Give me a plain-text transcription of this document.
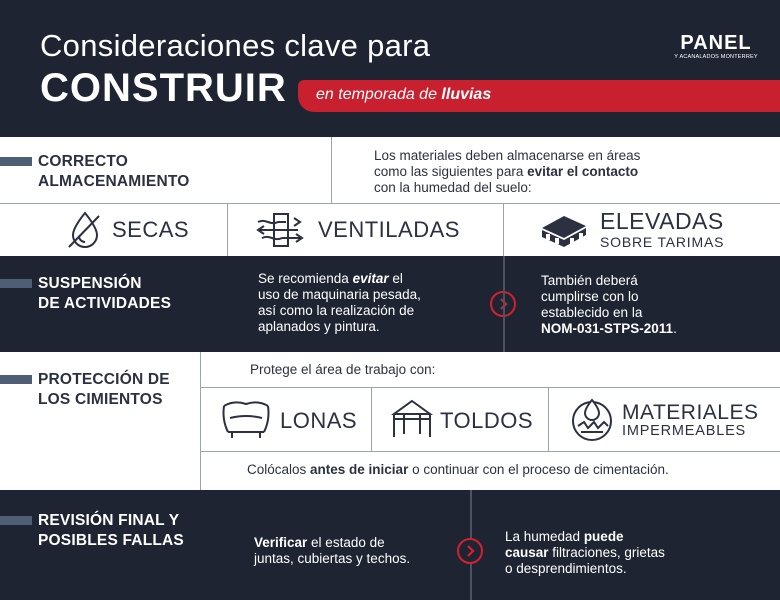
Consideraciones clave para
CONSTRUIR en temporada de lluvias
PANEL
Y ACANALADOS MONTERREY
CORRECTO
ALMACENAMIENTO
Los materiales deben almacenarse en áreas
como las siguientes para evitar el contacto
con la humedad del suelo:
SECAS	VENTILADAS	ELEVADAS
SOBRE TARIMAS
SUSPENSIÓN
DE ACTIVIDADES
Se recomienda evitar el
uso de maquinaria pesada,
así como la realización de
aplanados y pintura.
También deberá
cumplirse con lo
establecido en la
NOM-031-STPS-2011.
PROTECCIÓN DE
LOS CIMIENTOS
Protege el área de trabajo con:
LONAS	TOLDOS	MATERIALES
IMPERMEABLES
Colócalos antes de iniciar o continuar con el proceso de cimentación.
REVISIÓN FINAL Y
POSIBLES FALLAS	Verificar el estado de
juntas, cubiertas y techos.
La humedad puede
causar filtraciones, grietas
o desprendimientos.
